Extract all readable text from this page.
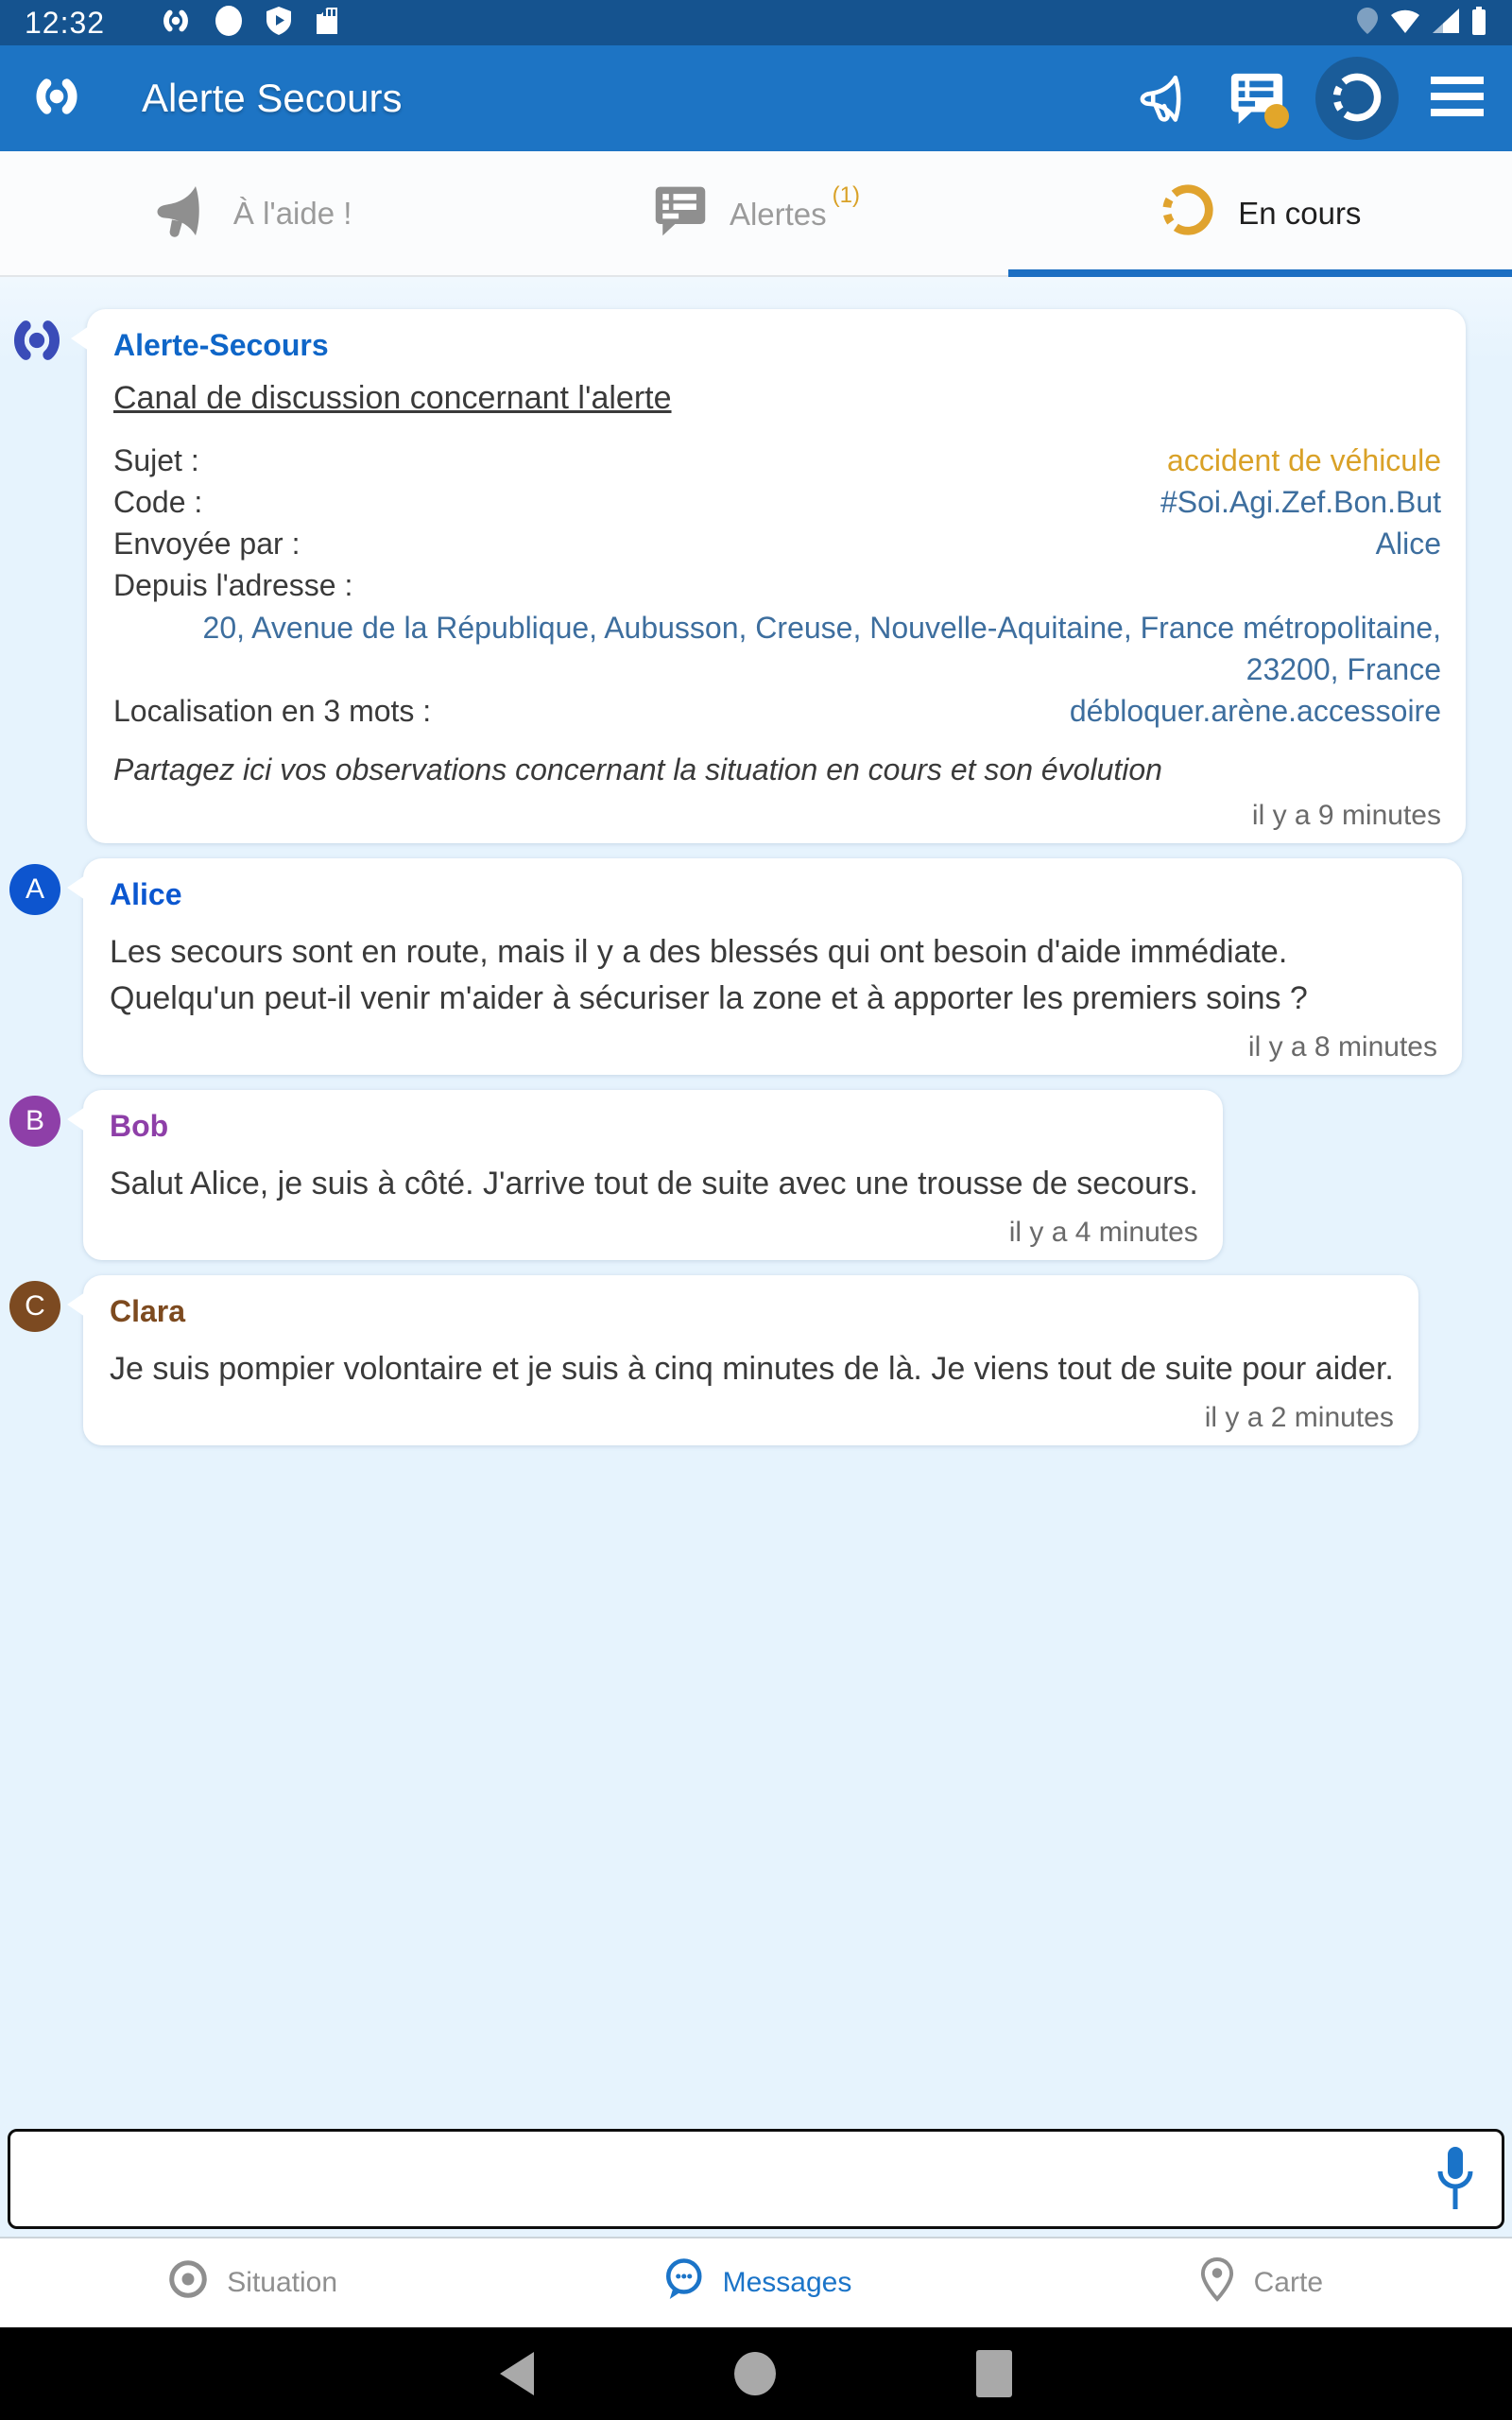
12:32
Alerte Secours
À l'aide !	Alertes$^{(1)}$	En cours
Alerte-Secours
Canal de discussion concernant l'alerte
Sujet :	accident de véhicule
Code :	#Soi.Agi.Zef.Bon.But
Envoyée par :	Alice
Depuis l'adresse :
20, Avenue de la République, Aubusson, Creuse, Nouvelle-Aquitaine, France métropolitaine, 23200, France
Localisation en 3 mots :	débloquer.arène.accessoire
Partagez ici vos observations concernant la situation en cours et son évolution
il y a 9 minutes
A	Alice
Les secours sont en route, mais il y a des blessés qui ont besoin d'aide immédiate. Quelqu'un peut-il venir m'aider à sécuriser la zone et à apporter les premiers soins ?
il y a 8 minutes
B	Bob
Salut Alice, je suis à côté. J'arrive tout de suite avec une trousse de secours.
il y a 4 minutes
C	Clara
Je suis pompier volontaire et je suis à cinq minutes de là. Je viens tout de suite pour aider.
il y a 2 minutes
Situation	Messages	Carte
